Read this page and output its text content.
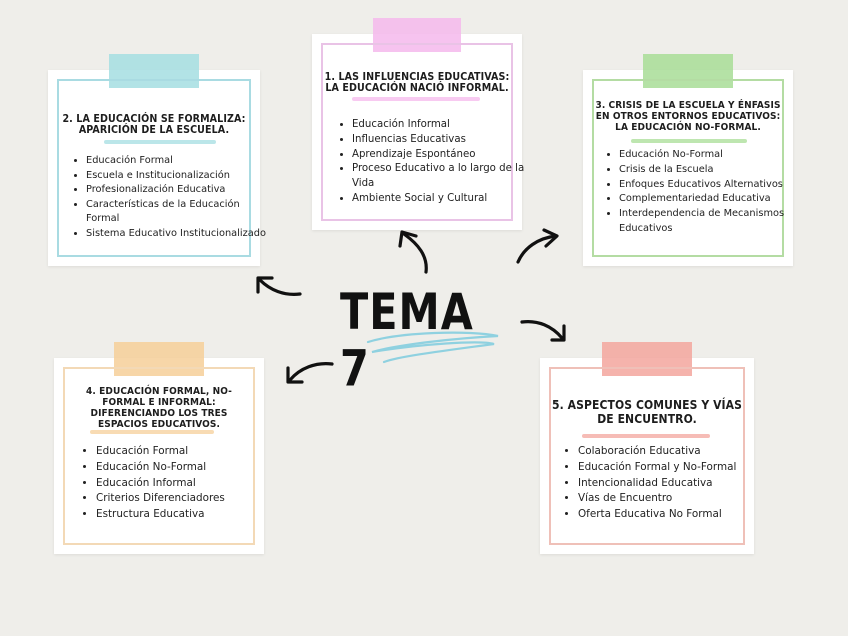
1. LAS INFLUENCIAS EDUCATIVAS: LA EDUCACIÓN NACIÓ INFORMAL.
• Educación Informal
• Influencias Educativas
• Aprendizaje Espontáneo
• Proceso Educativo a lo largo de la Vida
• Ambiente Social y Cultural
2. LA EDUCACIÓN SE FORMALIZA: APARICIÓN DE LA ESCUELA.
• Educación Formal
• Escuela e Institucionalización
• Profesionalización Educativa
• Características de la Educación Formal
• Sistema Educativo Institucionalizado
3. CRISIS DE LA ESCUELA Y ÉNFASIS EN OTROS ENTORNOS EDUCATIVOS: LA EDUCACIÓN NO-FORMAL.
• Educación No-Formal
• Crisis de la Escuela
• Enfoques Educativos Alternativos
• Complementariedad Educativa
• Interdependencia de Mecanismos Educativos
4. EDUCACIÓN FORMAL, NO-FORMAL E INFORMAL: DIFERENCIANDO LOS TRES ESPACIOS EDUCATIVOS.
• Educación Formal
• Educación No-Formal
• Educación Informal
• Criterios Diferenciadores
• Estructura Educativa
5. ASPECTOS COMUNES Y VÍAS DE ENCUENTRO.
• Colaboración Educativa
• Educación Formal y No-Formal
• Intencionalidad Educativa
• Vías de Encuentro
• Oferta Educativa No Formal
TEMA 7
